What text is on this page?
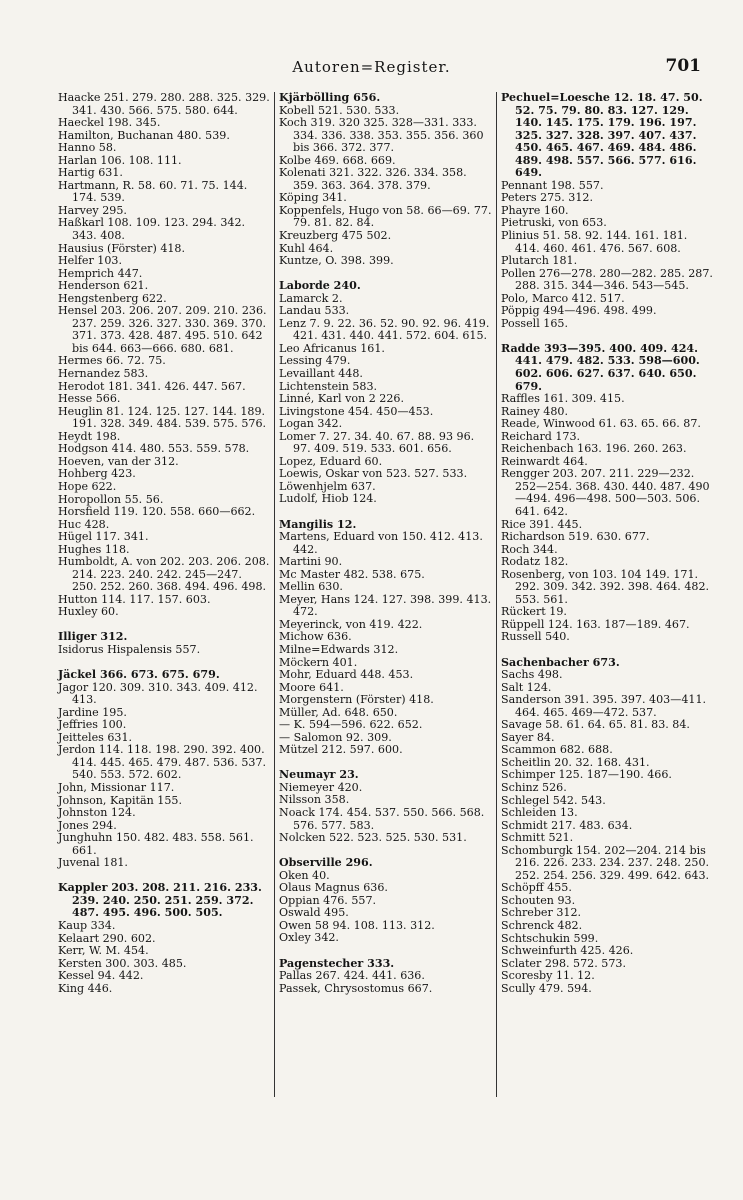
Autoren=Register.	701
Haacke 251. 279. 280. 288. 325. 329. 341. 430. 566. 575. 580. 644.
Haeckel 198. 345.
Hamilton, Buchanan 480. 539.
Hanno 58.
Harlan 106. 108. 111.
Hartig 631.
Hartmann, R. 58. 60. 71. 75. 144. 174. 539.
Harvey 295.
Haßkarl 108. 109. 123. 294. 342. 343. 408.
Hausius (Förster) 418.
Helfer 103.
Hemprich 447.
Henderson 621.
Hengstenberg 622.
Hensel 203. 206. 207. 209. 210. 236. 237. 259. 326. 327. 330. 369. 370. 371. 373. 428. 487. 495. 510. 642 bis 644. 663—666. 680. 681.
Hermes 66. 72. 75.
Hernandez 583.
Herodot 181. 341. 426. 447. 567.
Hesse 566.
Heuglin 81. 124. 125. 127. 144. 189. 191. 328. 349. 484. 539. 575. 576.
Heydt 198.
Hodgson 414. 480. 553. 559. 578.
Hoeven, van der 312.
Hohberg 423.
Hope 622.
Horopollon 55. 56.
Horsfield 119. 120. 558. 660—662.
Huc 428.
Hügel 117. 341.
Hughes 118.
Humboldt, A. von 202. 203. 206. 208. 214. 223. 240. 242. 245—247. 250. 252. 260. 368. 494. 496. 498.
Hutton 114. 117. 157. 603.
Huxley 60.
Illiger 312.
Isidorus Hispalensis 557.
Jäckel 366. 673. 675. 679.
Jagor 120. 309. 310. 343. 409. 412. 413.
Jardine 195.
Jeffries 100.
Jeitteles 631.
Jerdon 114. 118. 198. 290. 392. 400. 414. 445. 465. 479. 487. 536. 537. 540. 553. 572. 602.
John, Missionar 117.
Johnson, Kapitän 155.
Johnston 124.
Jones 294.
Junghuhn 150. 482. 483. 558. 561. 661.
Juvenal 181.
Kappler 203. 208. 211. 216. 233. 239. 240. 250. 251. 259. 372. 487. 495. 496. 500. 505.
Kaup 334.
Kelaart 290. 602.
Kerr, W. M. 454.
Kersten 300. 303. 485.
Kessel 94. 442.
King 446.
Kjärbölling 656.
Kobell 521. 530. 533.
Koch 319. 320 325. 328—331. 333. 334. 336. 338. 353. 355. 356. 360 bis 366. 372. 377.
Kolbe 469. 668. 669.
Kolenati 321. 322. 326. 334. 358. 359. 363. 364. 378. 379.
Köping 341.
Koppenfels, Hugo von 58. 66—69. 77. 79. 81. 82. 84.
Kreuzberg 475 502.
Kuhl 464.
Kuntze, O. 398. 399.
Laborde 240.
Lamarck 2.
Landau 533.
Lenz 7. 9. 22. 36. 52. 90. 92. 96. 419. 421. 431. 440. 441. 572. 604. 615.
Leo Africanus 161.
Lessing 479.
Levaillant 448.
Lichtenstein 583.
Linné, Karl von 2 226.
Livingstone 454. 450—453.
Logan 342.
Lomer 7. 27. 34. 40. 67. 88. 93 96. 97. 409. 519. 533. 601. 656.
Lopez, Eduard 60.
Loewis, Oskar von 523. 527. 533.
Löwenhjelm 637.
Ludolf, Hiob 124.
Mangilis 12.
Martens, Eduard von 150. 412. 413. 442.
Martini 90.
Mc Master 482. 538. 675.
Mellin 630.
Meyer, Hans 124. 127. 398. 399. 413. 472.
Meyerinck, von 419. 422.
Michow 636.
Milne=Edwards 312.
Möckern 401.
Mohr, Eduard 448. 453.
Moore 641.
Morgenstern (Förster) 418.
Müller, Ad. 648. 650.
— K. 594—596. 622. 652.
— Salomon 92. 309.
Mützel 212. 597. 600.
Neumayr 23.
Niemeyer 420.
Nilsson 358.
Noack 174. 454. 537. 550. 566. 568. 576. 577. 583.
Nolcken 522. 523. 525. 530. 531.
Observille 296.
Oken 40.
Olaus Magnus 636.
Oppian 476. 557.
Oswald 495.
Owen 58 94. 108. 113. 312.
Oxley 342.
Pagenstecher 333.
Pallas 267. 424. 441. 636.
Passek, Chrysostomus 667.
Pechuel=Loesche 12. 18. 47. 50. 52. 75. 79. 80. 83. 127. 129. 140. 145. 175. 179. 196. 197. 325. 327. 328. 397. 407. 437. 450. 465. 467. 469. 484. 486. 489. 498. 557. 566. 577. 616. 649.
Pennant 198. 557.
Peters 275. 312.
Phayre 160.
Pietruski, von 653.
Plinius 51. 58. 92. 144. 161. 181. 414. 460. 461. 476. 567. 608.
Plutarch 181.
Pollen 276—278. 280—282. 285. 287. 288. 315. 344—346. 543—545.
Polo, Marco 412. 517.
Pöppig 494—496. 498. 499.
Possell 165.
Radde 393—395. 400. 409. 424. 441. 479. 482. 533. 598—600. 602. 606. 627. 637. 640. 650. 679.
Raffles 161. 309. 415.
Rainey 480.
Reade, Winwood 61. 63. 65. 66. 87.
Reichard 173.
Reichenbach 163. 196. 260. 263.
Reinwardt 464.
Rengger 203. 207. 211. 229—232. 252—254. 368. 430. 440. 487. 490—494. 496—498. 500—503. 506. 641. 642.
Rice 391. 445.
Richardson 519. 630. 677.
Roch 344.
Rodatz 182.
Rosenberg, von 103. 104 149. 171. 292. 309. 342. 392. 398. 464. 482. 553. 561.
Rückert 19.
Rüppell 124. 163. 187—189. 467.
Russell 540.
Sachenbacher 673.
Sachs 498.
Salt 124.
Sanderson 391. 395. 397. 403—411. 464. 465. 469—472. 537.
Savage 58. 61. 64. 65. 81. 83. 84.
Sayer 84.
Scammon 682. 688.
Scheitlin 20. 32. 168. 431.
Schimper 125. 187—190. 466.
Schinz 526.
Schlegel 542. 543.
Schleiden 13.
Schmidt 217. 483. 634.
Schmitt 521.
Schomburgk 154. 202—204. 214 bis 216. 226. 233. 234. 237. 248. 250. 252. 254. 256. 329. 499. 642. 643.
Schöpff 455.
Schouten 93.
Schreber 312.
Schrenck 482.
Schtschukin 599.
Schweinfurth 425. 426.
Sclater 298. 572. 573.
Scoresby 11. 12.
Scully 479. 594.
